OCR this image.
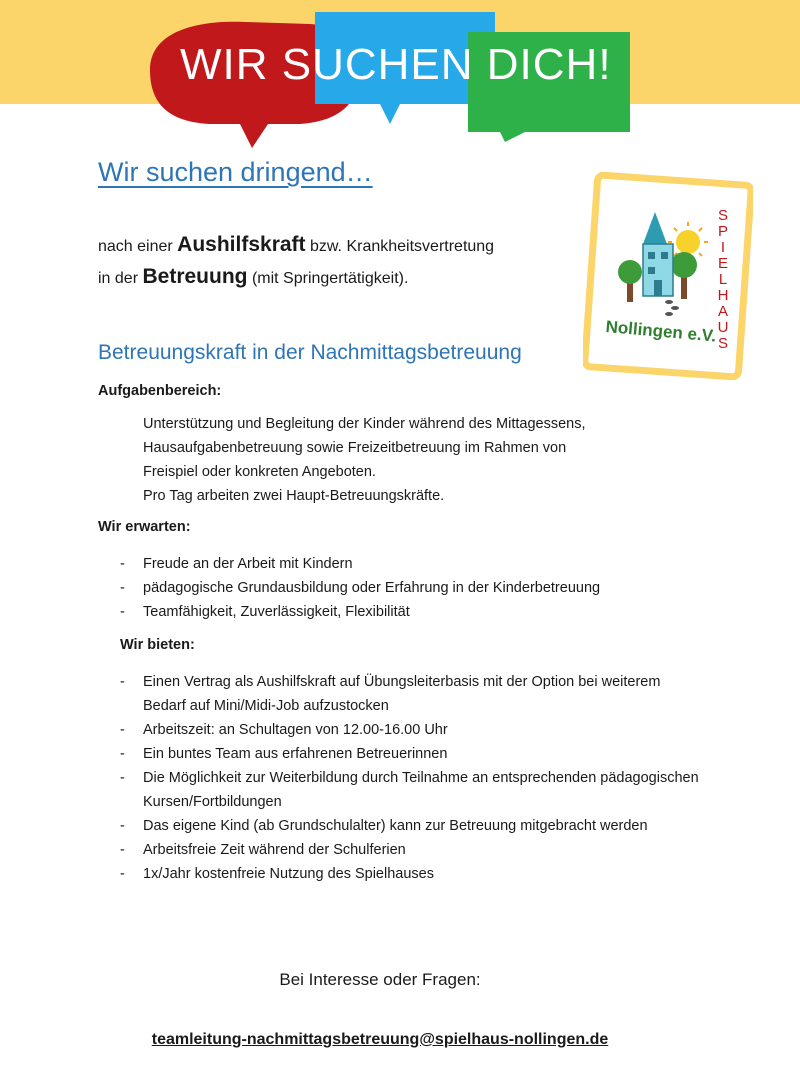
WIR SUCHEN DICH!
Wir suchen dringend…
nach einer Aushilfskraft bzw. Krankheitsvertretung
in der Betreuung (mit Springertätigkeit).
S P I E L H A U S
Nollingen e.V.
Betreuungskraft in der Nachmittagsbetreuung
Aufgabenbereich:
Unterstützung und Begleitung der Kinder während des Mittagessens,
Hausaufgabenbetreuung sowie Freizeitbetreuung im Rahmen von
Freispiel oder konkreten Angeboten.
Pro Tag arbeiten zwei Haupt-Betreuungskräfte.
Wir erwarten:
- Freude an der Arbeit mit Kindern
- pädagogische Grundausbildung oder Erfahrung in der Kinderbetreuung
- Teamfähigkeit, Zuverlässigkeit, Flexibilität
Wir bieten:
- Einen Vertrag als Aushilfskraft auf Übungsleiterbasis mit der Option bei weiterem Bedarf auf Mini/Midi-Job aufzustocken
- Arbeitszeit: an Schultagen von 12.00-16.00 Uhr
- Ein buntes Team aus erfahrenen Betreuerinnen
- Die Möglichkeit zur Weiterbildung durch Teilnahme an entsprechenden pädagogischen Kursen/Fortbildungen
- Das eigene Kind (ab Grundschulalter) kann zur Betreuung mitgebracht werden
- Arbeitsfreie Zeit während der Schulferien
- 1x/Jahr kostenfreie Nutzung des Spielhauses
Bei Interesse oder Fragen:
teamleitung-nachmittagsbetreuung@spielhaus-nollingen.de
